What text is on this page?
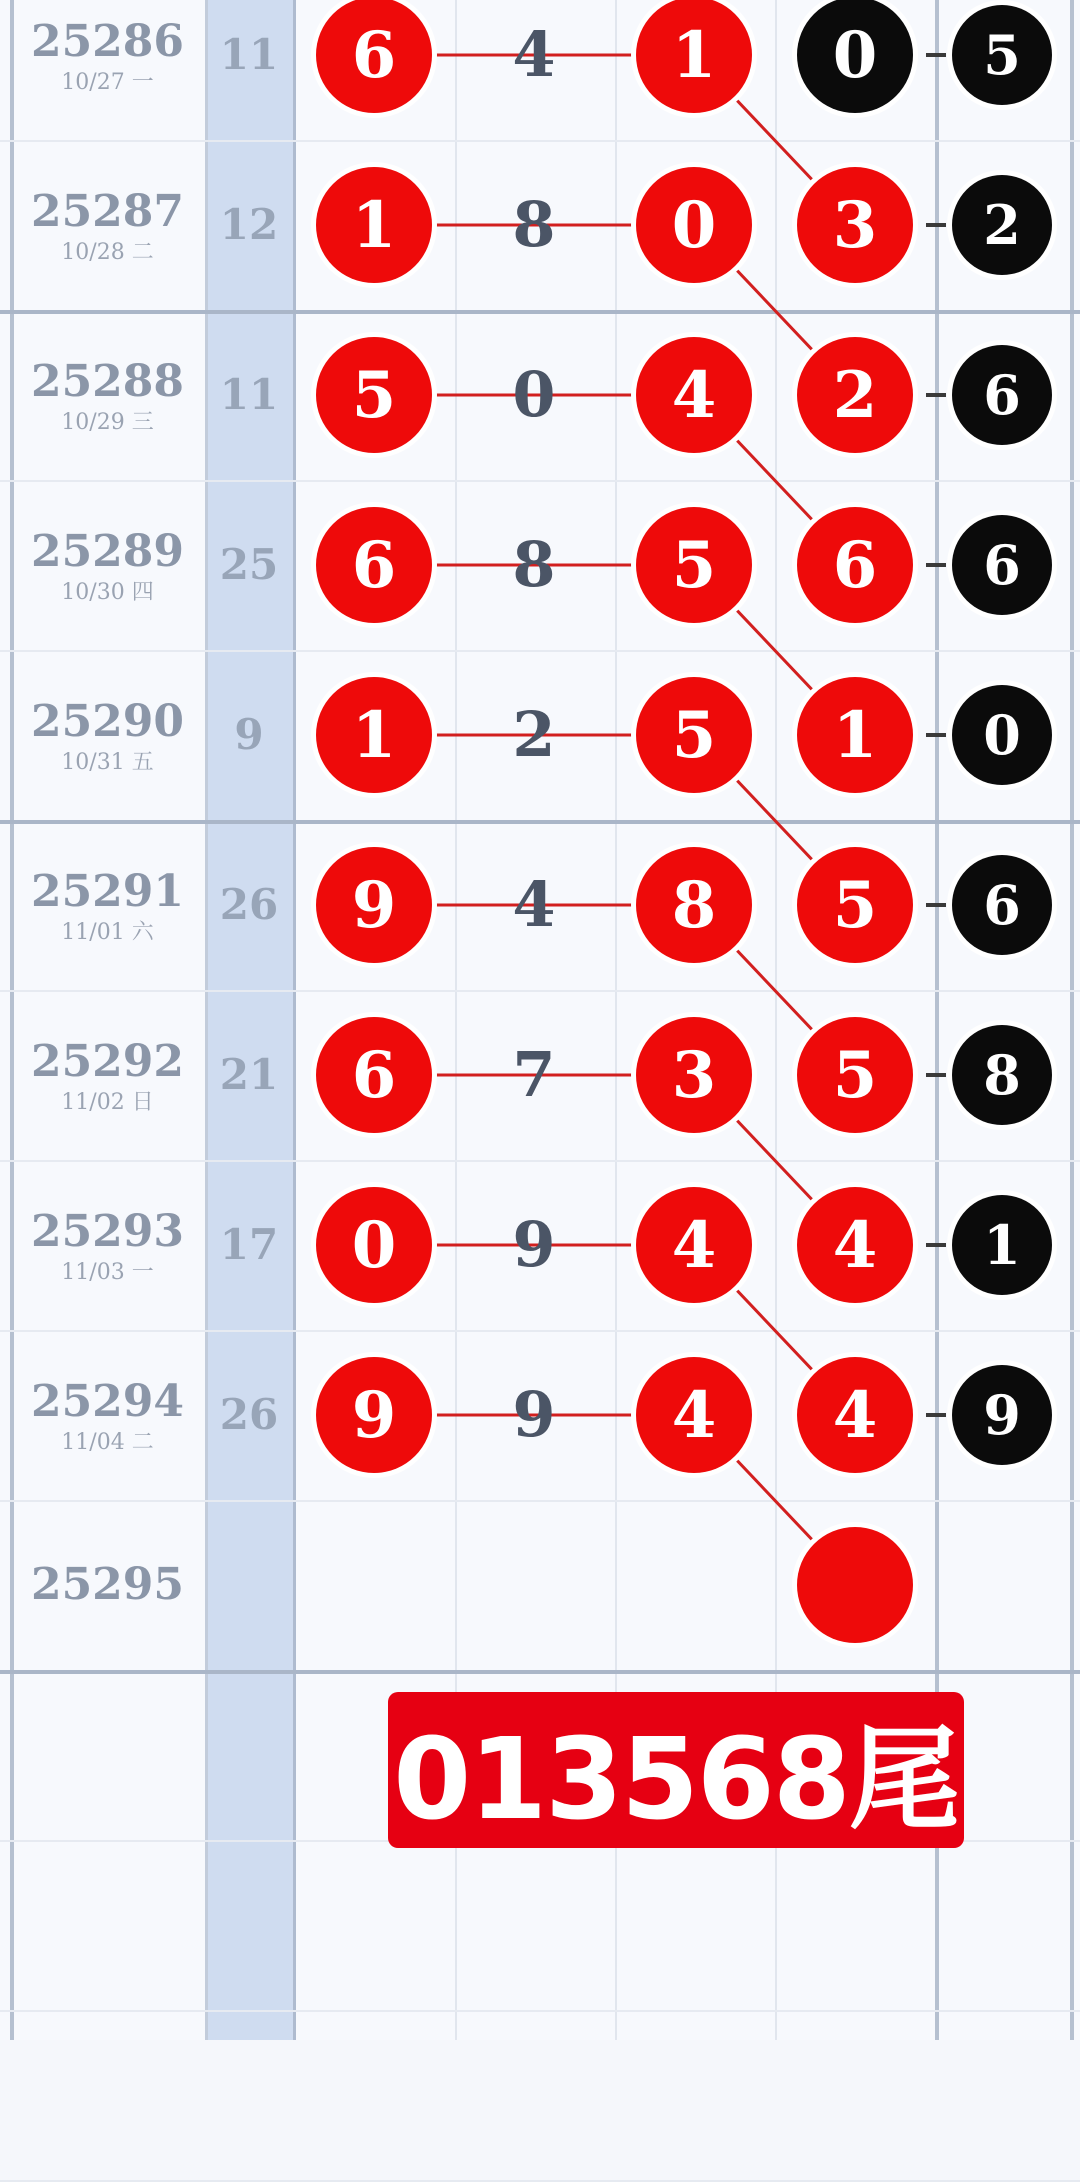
25286
10/27 一
11	6	4	1	0	5
25287
10/28 二
12	1	8	0	3	2
25288
10/29 三
11	5	0	4	2	6
25289
10/30 四
25	6	8	5	6	6
25290
10/31 五
9	1	2	5	1	0
25291
11/01 六
26	9	4	8	5	6
25292
11/02 日
21	6	7	3	5	8
25293
11/03 一
17	0	9	4	4	1
25294
11/04 二
26	9	9	4	4	9
25295
013568尾
